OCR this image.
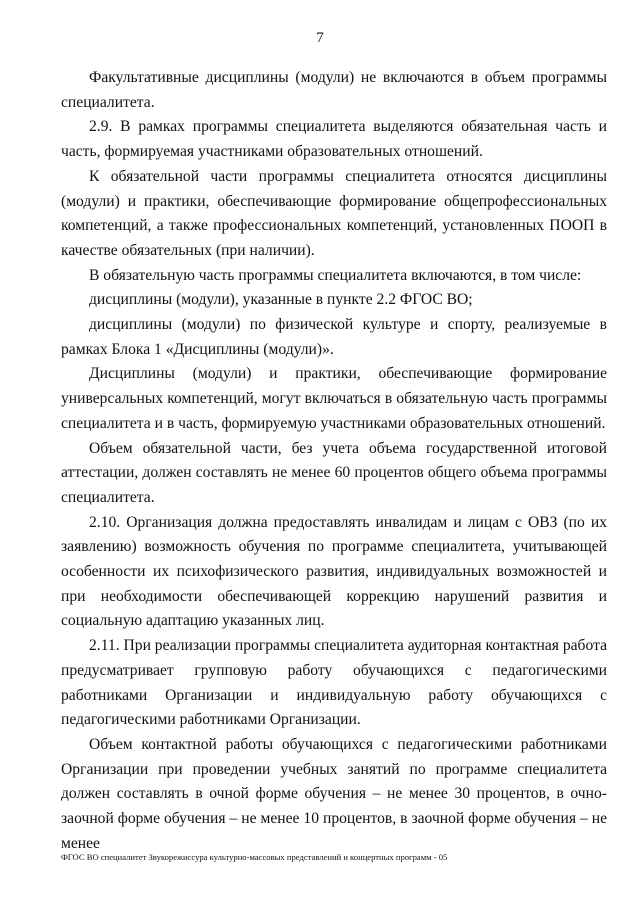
7

Факультативные дисциплины (модули) не включаются в объем программы специалитета.

2.9. В рамках программы специалитета выделяются обязательная часть и часть, формируемая участниками образовательных отношений.

К обязательной части программы специалитета относятся дисциплины (модули) и практики, обеспечивающие формирование общепрофессиональных компетенций, а также профессиональных компетенций, установленных ПООП в качестве обязательных (при наличии).

В обязательную часть программы специалитета включаются, в том числе:

дисциплины (модули), указанные в пункте 2.2 ФГОС ВО;

дисциплины (модули) по физической культуре и спорту, реализуемые в рамках Блока 1 «Дисциплины (модули)».

Дисциплины (модули) и практики, обеспечивающие формирование универсальных компетенций, могут включаться в обязательную часть программы специалитета и в часть, формируемую участниками образовательных отношений.

Объем обязательной части, без учета объема государственной итоговой аттестации, должен составлять не менее 60 процентов общего объема программы специалитета.

2.10. Организация должна предоставлять инвалидам и лицам с ОВЗ (по их заявлению) возможность обучения по программе специалитета, учитывающей особенности их психофизического развития, индивидуальных возможностей и при необходимости обеспечивающей коррекцию нарушений развития и социальную адаптацию указанных лиц.

2.11. При реализации программы специалитета аудиторная контактная работа предусматривает групповую работу обучающихся с педагогическими работниками Организации и индивидуальную работу обучающихся с педагогическими работниками Организации.

Объем контактной работы обучающихся с педагогическими работниками Организации при проведении учебных занятий по программе специалитета должен составлять в очной форме обучения – не менее 30 процентов, в очно-заочной форме обучения – не менее 10 процентов, в заочной форме обучения – не менее

ФГОС ВО специалитет Звукорежиссура культурно-массовых представлений и концертных программ - 05
